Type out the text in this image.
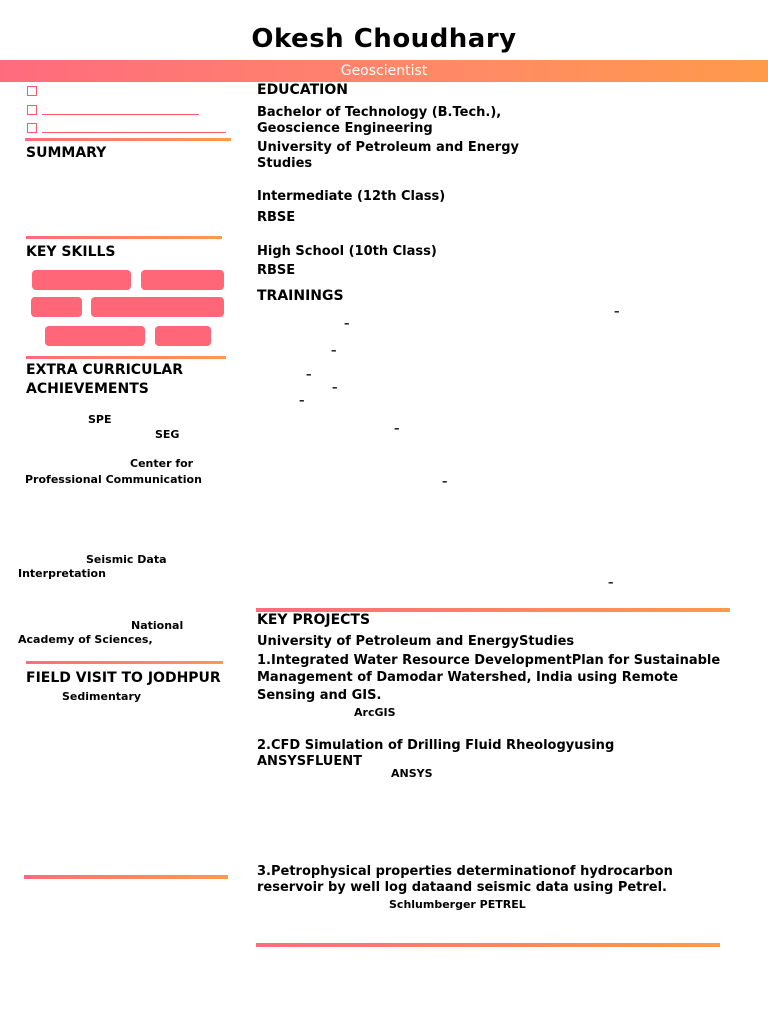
Okesh Choudhary
Geoscientist
SUMMARY
KEY SKILLS
EXTRA CURRICULAR
ACHIEVEMENTS
SPE
SEG
Center for
Professional Communication
Seismic Data
Interpretation
National
Academy of Sciences,
FIELD VISIT TO JODHPUR
Sedimentary
EDUCATION
Bachelor of Technology (B.Tech.),
Geoscience Engineering
University of Petroleum and Energy
Studies
Intermediate (12th Class)
RBSE
High School (10th Class)
RBSE
TRAININGS
–
–
–
–
–
–
–
–
–
KEY PROJECTS
University of Petroleum and EnergyStudies
1.Integrated Water Resource DevelopmentPlan for Sustainable
Management of Damodar Watershed, India using Remote
Sensing and GIS.
ArcGIS
2.CFD Simulation of Drilling Fluid Rheologyusing
ANSYSFLUENT
ANSYS
3.Petrophysical properties determinationof hydrocarbon
reservoir by well log dataand seismic data using Petrel.
Schlumberger PETREL
